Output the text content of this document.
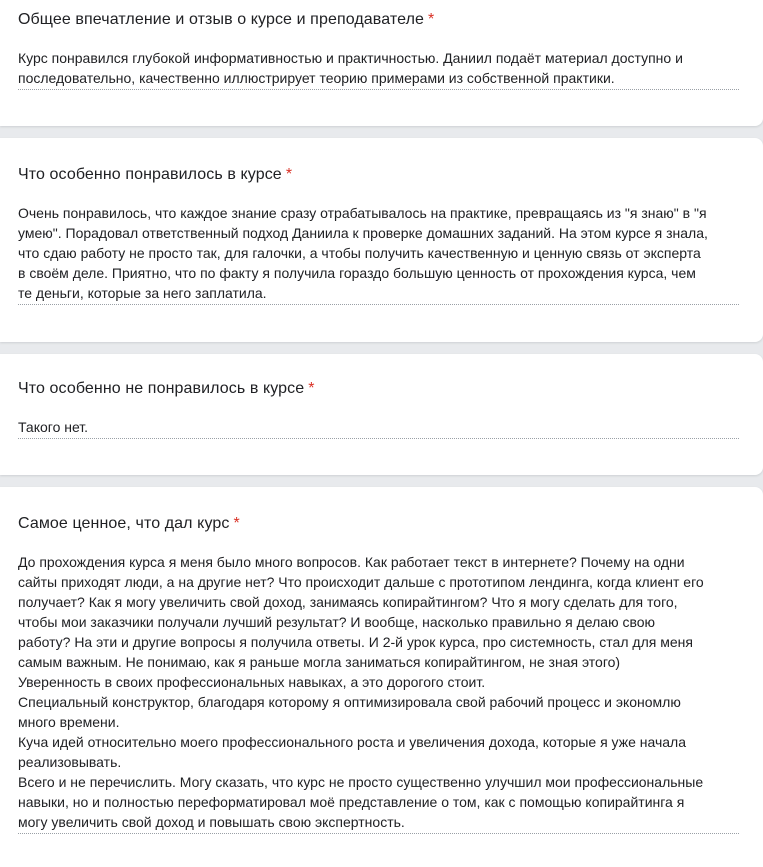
Общее впечатление и отзыв о курсе и преподавателе *
Курс понравился глубокой информативностью и практичностью. Даниил подаёт материал доступно и
последовательно, качественно иллюстрирует теорию примерами из собственной практики.
Что особенно понравилось в курсе *
Очень понравилось, что каждое знание сразу отрабатывалось на практике, превращаясь из "я знаю" в "я
умею". Порадовал ответственный подход Даниила к проверке домашних заданий. На этом курсе я знала,
что сдаю работу не просто так, для галочки, а чтобы получить качественную и ценную связь от эксперта
в своём деле. Приятно, что по факту я получила гораздо большую ценность от прохождения курса, чем
те деньги, которые за него заплатила.
Что особенно не понравилось в курсе *
Такого нет.
Самое ценное, что дал курс *
До прохождения курса я меня было много вопросов. Как работает текст в интернете? Почему на одни
сайты приходят люди, а на другие нет? Что происходит дальше с прототипом лендинга, когда клиент его
получает? Как я могу увеличить свой доход, занимаясь копирайтингом? Что я могу сделать для того,
чтобы мои заказчики получали лучший результат? И вообще, насколько правильно я делаю свою
работу? На эти и другие вопросы я получила ответы. И 2-й урок курса, про системность, стал для меня
самым важным. Не понимаю, как я раньше могла заниматься копирайтингом, не зная этого)
Уверенность в своих профессиональных навыках, а это дорогого стоит.
Специальный конструктор, благодаря которому я оптимизировала свой рабочий процесс и экономлю
много времени.
Куча идей относительно моего профессионального роста и увеличения дохода, которые я уже начала
реализовывать.
Всего и не перечислить. Могу сказать, что курс не просто существенно улучшил мои профессиональные
навыки, но и полностью переформатировал моё представление о том, как с помощью копирайтинга я
могу увеличить свой доход и повышать свою экспертность.
